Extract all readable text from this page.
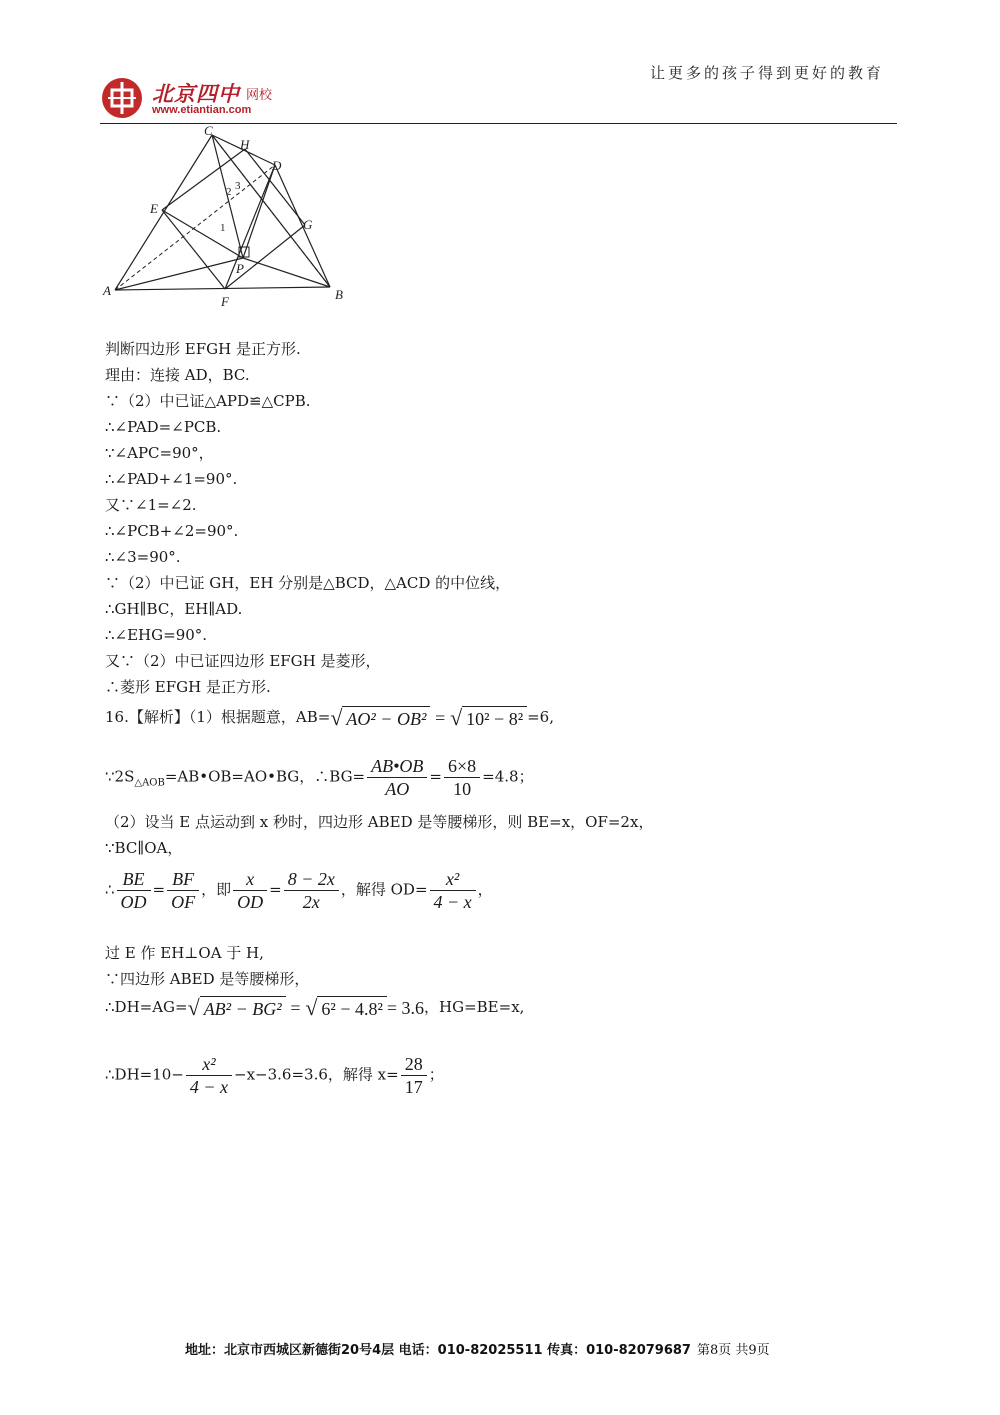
让更多的孩子得到更好的教育
北京四中 网校
www.etiantian.com
C
H
D
E
2 3
1	G
P
A
F	B
判断四边形 EFGH 是正方形.
理由：连接 AD，BC.
∵（2）中已证△APD≌△CPB.
∴∠PAD=∠PCB.
∵∠APC=90°，
∴∠PAD+∠1=90°.
又∵∠1=∠2.
∴∠PCB+∠2=90°.
∴∠3=90°.
∵（2）中已证 GH，EH 分别是△BCD，△ACD 的中位线，
∴GH∥BC，EH∥AD.
∴∠EHG=90°.
又∵（2）中已证四边形 EFGH 是菱形，
∴菱形 EFGH 是正方形.
16.【解析】（1）根据题意，AB=√ AO² − OB² = √ 10² − 8² =6,
$\because 2S_{\triangle AOB}=AB•OB=AO•BG$，∴BG= $\frac{AB•OB}{AO} = \frac{6\times 8}{10} =4.8$；
（2）设当 E 点运动到 x 秒时，四边形 ABED 是等腰梯形，则 BE=x，OF=2x，
∵BC∥OA，
∴ $\frac{BE}{OD} = \frac{BF}{OF}$ ，即 $\frac{x}{OD} = \frac{8 - 2x}{2x}$ ，解得 $OD= \frac{\text{x²}}{4 - x}$ ，
过 E 作 EH⊥OA 于 H,
∵四边形 ABED 是等腰梯形，
∴DH=AG=√ AB² − BG² = √ 6² − 4.8² = 3.6，HG=BE=x,
∴DH=10− $\frac{\text{x²}}{4 - x} -x-3.6=3.6$，解得 $x= \frac{28}{17}$ ；
地址：北京市西城区新德街20号4层 电话：010-82025511 传真：010-82079687 第8页 共9页
